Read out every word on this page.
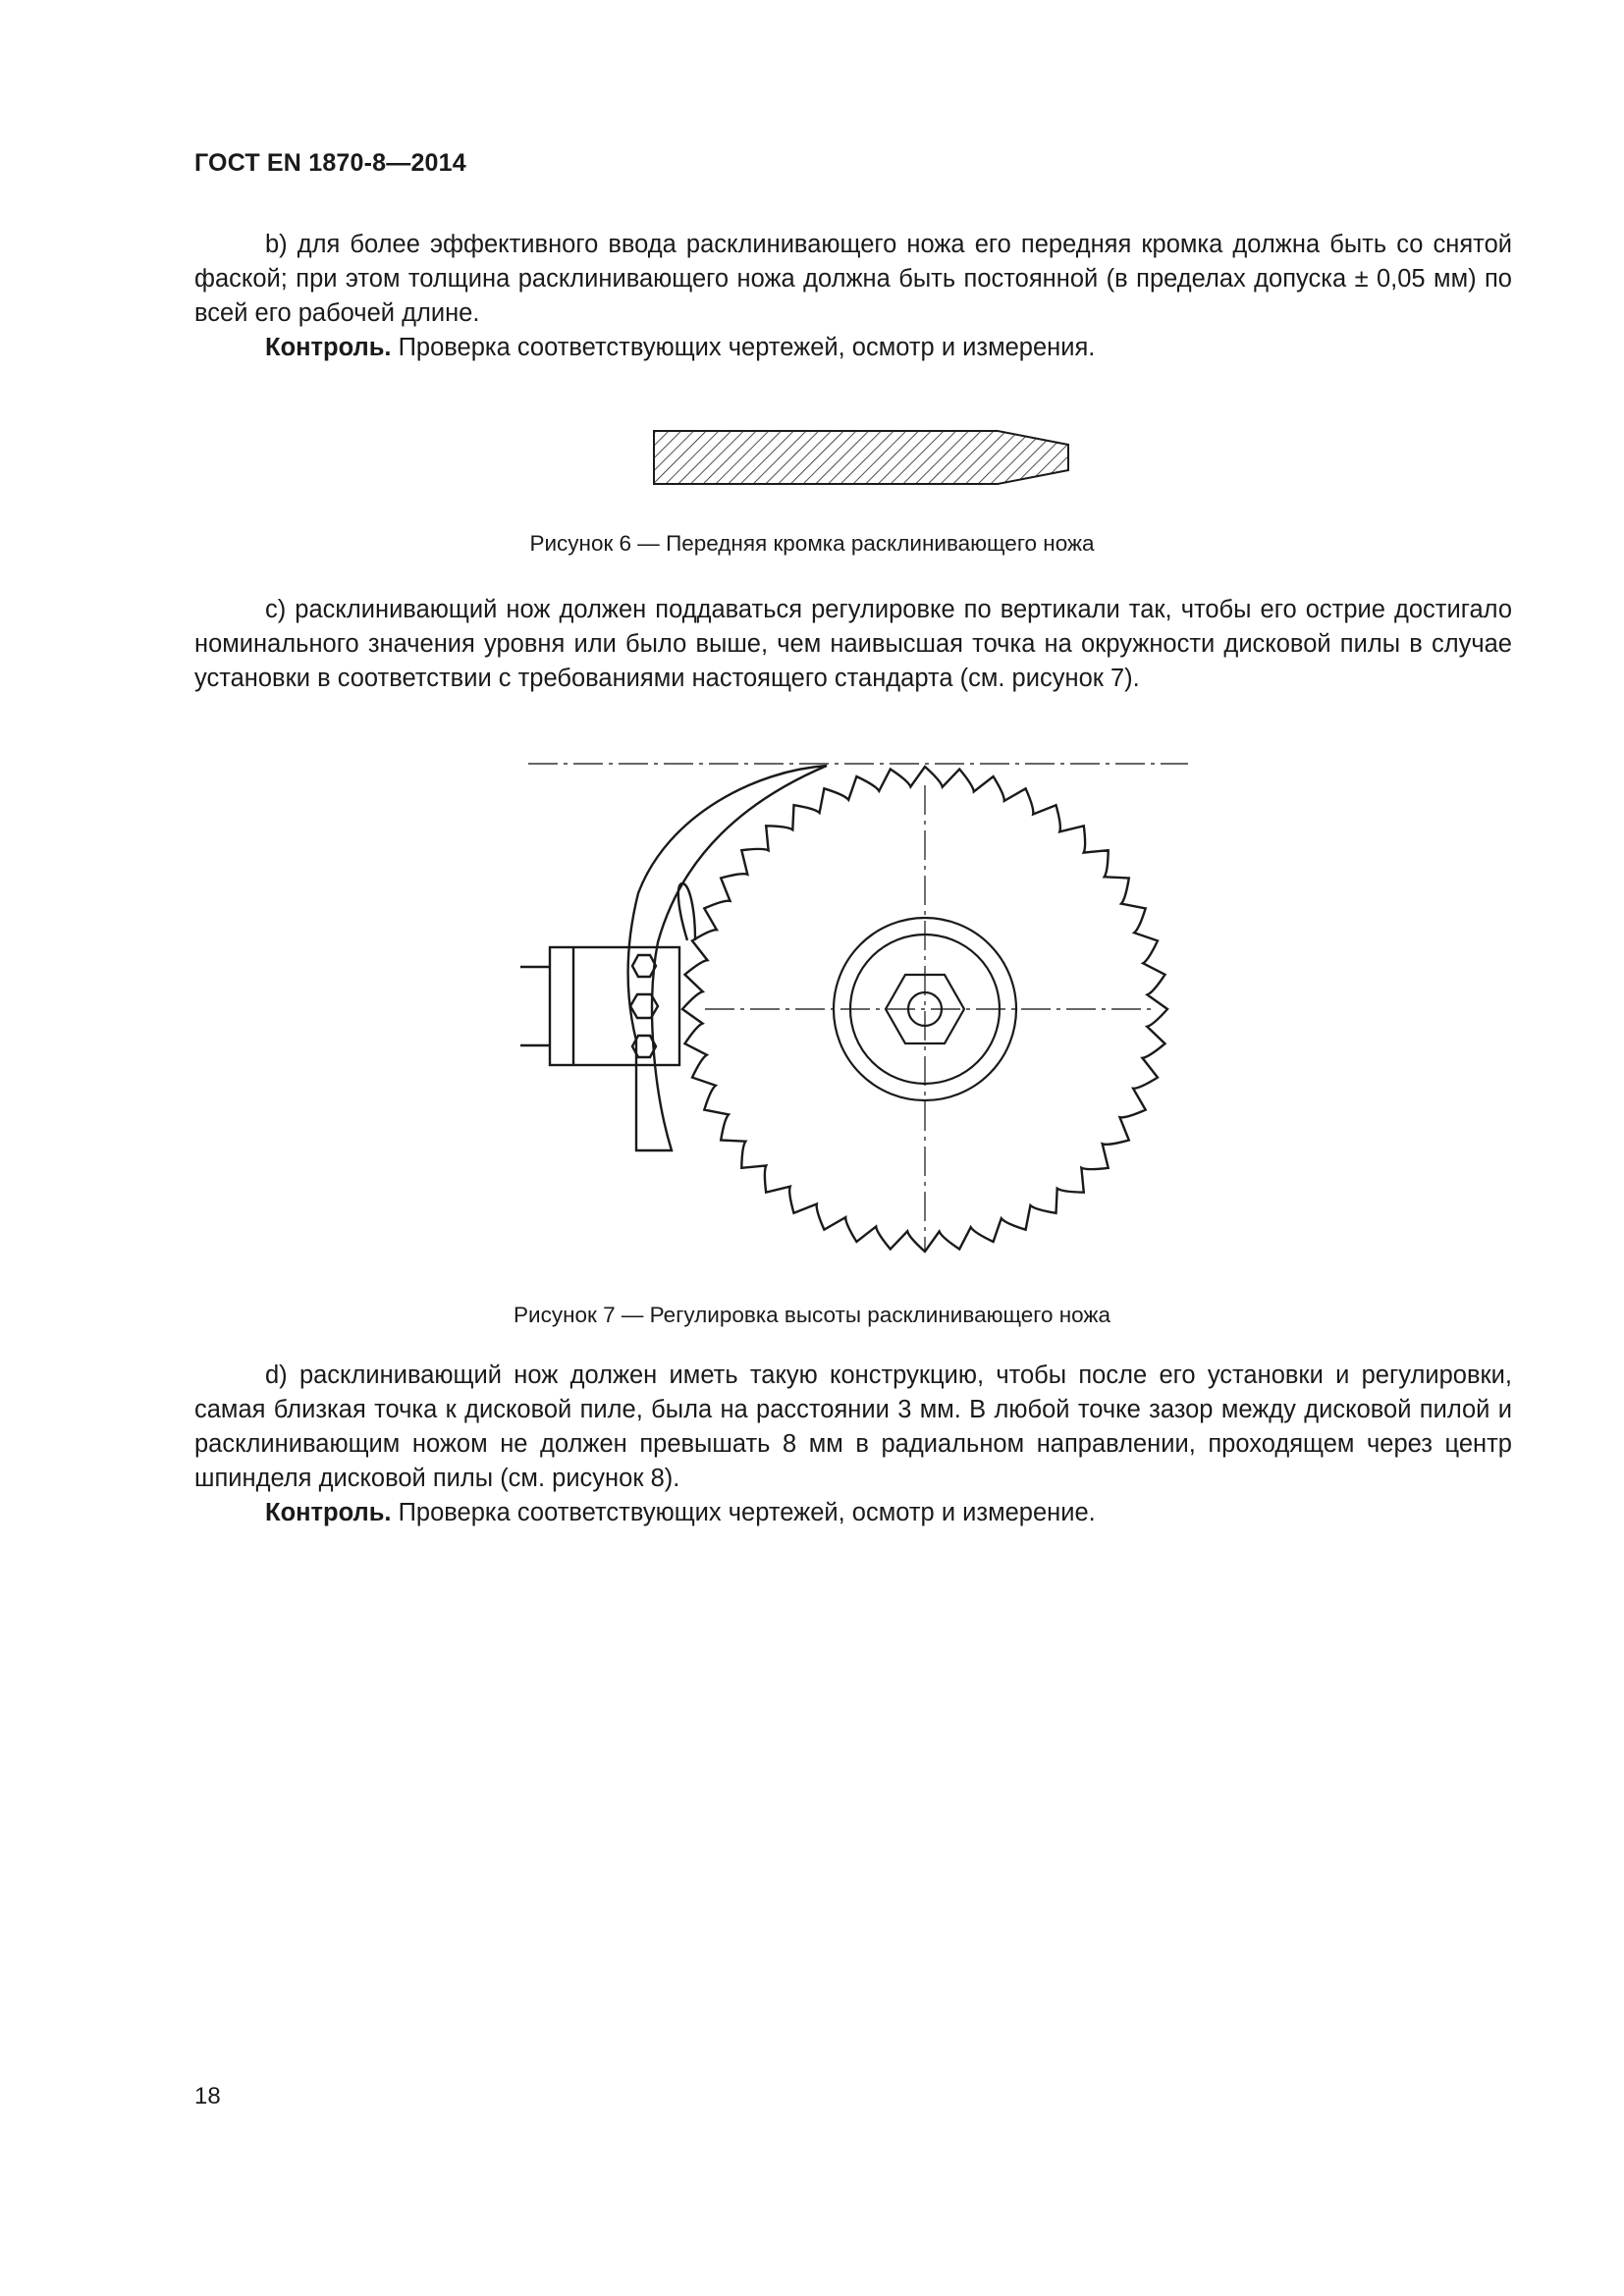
ГОСТ EN 1870-8—2014

b) для более эффективного ввода расклинивающего ножа его передняя кромка должна быть со снятой фаской; при этом толщина расклинивающего ножа должна быть постоянной (в пределах допуска ± 0,05 мм) по всей его рабочей длине.

Контроль. Проверка соответствующих чертежей, осмотр и измерения.

Рисунок 6 — Передняя кромка расклинивающего ножа

c) расклинивающий нож должен поддаваться регулировке по вертикали так, чтобы его острие достигало номинального значения уровня или было выше, чем наивысшая точка на окружности дисковой пилы в случае установки в соответствии с требованиями настоящего стандарта (см. рисунок 7).

Рисунок 7 — Регулировка высоты расклинивающего ножа

d) расклинивающий нож должен иметь такую конструкцию, чтобы после его установки и регулировки, самая близкая точка к дисковой пиле, была на расстоянии 3 мм. В любой точке зазор между дисковой пилой и расклинивающим ножом не должен превышать 8 мм в радиальном направлении, проходящем через центр шпинделя дисковой пилы (см. рисунок 8).

Контроль. Проверка соответствующих чертежей, осмотр и измерение.

18
